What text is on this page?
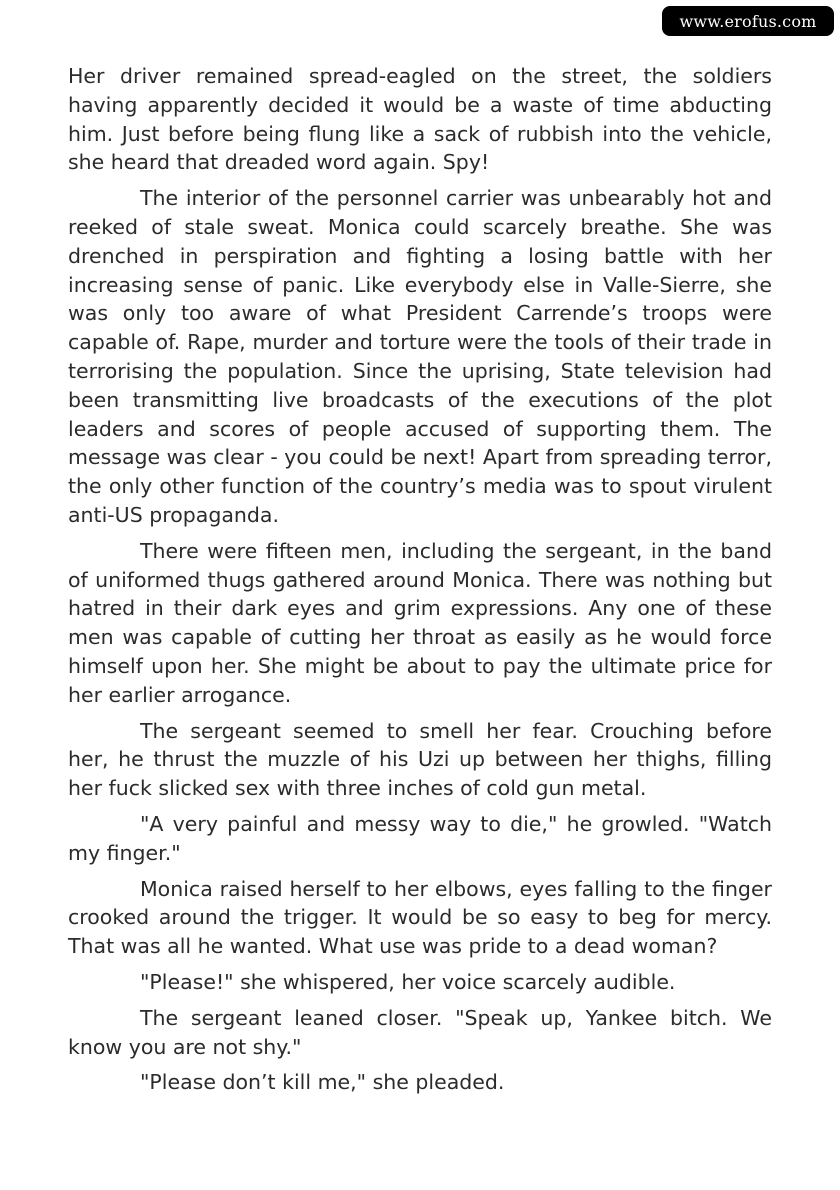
www.erofus.com

Her driver remained spread-eagled on the street, the soldiers having apparently decided it would be a waste of time abducting him. Just before being flung like a sack of rubbish into the vehicle, she heard that dreaded word again. Spy!

The interior of the personnel carrier was unbearably hot and reeked of stale sweat. Monica could scarcely breathe. She was drenched in perspiration and fighting a losing battle with her increasing sense of panic. Like everybody else in Valle-Sierre, she was only too aware of what President Carrende’s troops were capable of. Rape, murder and torture were the tools of their trade in terrorising the population. Since the uprising, State television had been transmitting live broadcasts of the executions of the plot leaders and scores of people accused of supporting them. The message was clear - you could be next! Apart from spreading terror, the only other function of the country’s media was to spout virulent anti-US propaganda.

There were fifteen men, including the sergeant, in the band of uniformed thugs gathered around Monica. There was nothing but hatred in their dark eyes and grim expressions. Any one of these men was capable of cutting her throat as easily as he would force himself upon her. She might be about to pay the ultimate price for her earlier arrogance.

The sergeant seemed to smell her fear. Crouching before her, he thrust the muzzle of his Uzi up between her thighs, filling her fuck slicked sex with three inches of cold gun metal.

"A very painful and messy way to die," he growled. "Watch my finger."

Monica raised herself to her elbows, eyes falling to the finger crooked around the trigger. It would be so easy to beg for mercy. That was all he wanted. What use was pride to a dead woman?

"Please!" she whispered, her voice scarcely audible.

The sergeant leaned closer. "Speak up, Yankee bitch. We know you are not shy."

"Please don’t kill me," she pleaded.
